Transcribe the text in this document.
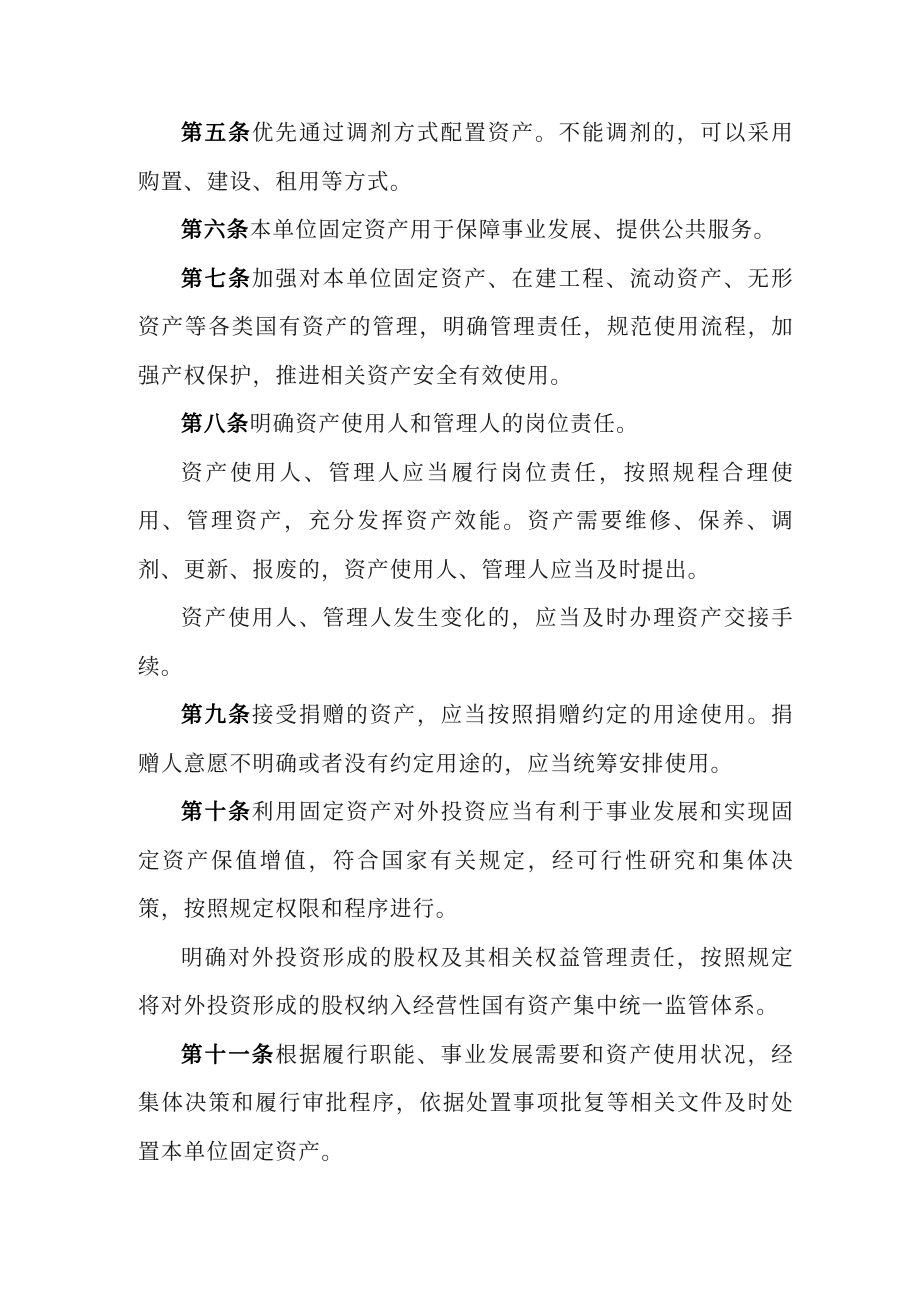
第五条优先通过调剂方式配置资产。不能调剂的，可以采用购置、建设、租用等方式。

第六条本单位固定资产用于保障事业发展、提供公共服务。

第七条加强对本单位固定资产、在建工程、流动资产、无形资产等各类国有资产的管理，明确管理责任，规范使用流程，加强产权保护，推进相关资产安全有效使用。

第八条明确资产使用人和管理人的岗位责任。

资产使用人、管理人应当履行岗位责任，按照规程合理使用、管理资产，充分发挥资产效能。资产需要维修、保养、调剂、更新、报废的，资产使用人、管理人应当及时提出。

资产使用人、管理人发生变化的，应当及时办理资产交接手续。

第九条接受捐赠的资产，应当按照捐赠约定的用途使用。捐赠人意愿不明确或者没有约定用途的，应当统筹安排使用。

第十条利用固定资产对外投资应当有利于事业发展和实现固定资产保值增值，符合国家有关规定，经可行性研究和集体决策，按照规定权限和程序进行。

明确对外投资形成的股权及其相关权益管理责任，按照规定将对外投资形成的股权纳入经营性国有资产集中统一监管体系。

第十一条根据履行职能、事业发展需要和资产使用状况，经集体决策和履行审批程序，依据处置事项批复等相关文件及时处置本单位固定资产。
